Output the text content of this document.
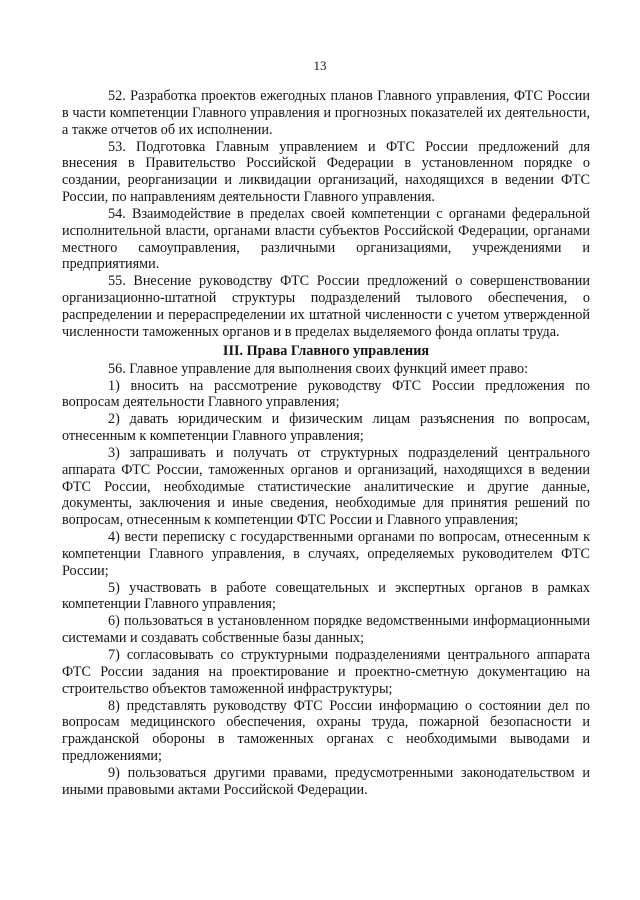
13

52. Разработка проектов ежегодных планов Главного управления, ФТС России в части компетенции Главного управления и прогнозных показателей их деятельности, а также отчетов об их исполнении.

53. Подготовка Главным управлением и ФТС России предложений для внесения в Правительство Российской Федерации в установленном порядке о создании, реорганизации и ликвидации организаций, находящихся в ведении ФТС России, по направлениям деятельности Главного управления.

54. Взаимодействие в пределах своей компетенции с органами федеральной исполнительной власти, органами власти субъектов Российской Федерации, органами местного самоуправления, различными организациями, учреждениями и предприятиями.

55. Внесение руководству ФТС России предложений о совершенствовании организационно-штатной структуры подразделений тылового обеспечения, о распределении и перераспределении их штатной численности с учетом утвержденной численности таможенных органов и в пределах выделяемого фонда оплаты труда.

III. Права Главного управления

56. Главное управление для выполнения своих функций имеет право:

1) вносить на рассмотрение руководству ФТС России предложения по вопросам деятельности Главного управления;

2) давать юридическим и физическим лицам разъяснения по вопросам, отнесенным к компетенции Главного управления;

3) запрашивать и получать от структурных подразделений центрального аппарата ФТС России, таможенных органов и организаций, находящихся в ведении ФТС России, необходимые статистические аналитические и другие данные, документы, заключения и иные сведения, необходимые для принятия решений по вопросам, отнесенным к компетенции ФТС России и Главного управления;

4) вести переписку с государственными органами по вопросам, отнесенным к компетенции Главного управления, в случаях, определяемых руководителем ФТС России;

5) участвовать в работе совещательных и экспертных органов в рамках компетенции Главного управления;

6) пользоваться в установленном порядке ведомственными информационными системами и создавать собственные базы данных;

7) согласовывать со структурными подразделениями центрального аппарата ФТС России задания на проектирование и проектно-сметную документацию на строительство объектов таможенной инфраструктуры;

8) представлять руководству ФТС России информацию о состоянии дел по вопросам медицинского обеспечения, охраны труда, пожарной безопасности и гражданской обороны в таможенных органах с необходимыми выводами и предложениями;

9) пользоваться другими правами, предусмотренными законодательством и иными правовыми актами Российской Федерации.
